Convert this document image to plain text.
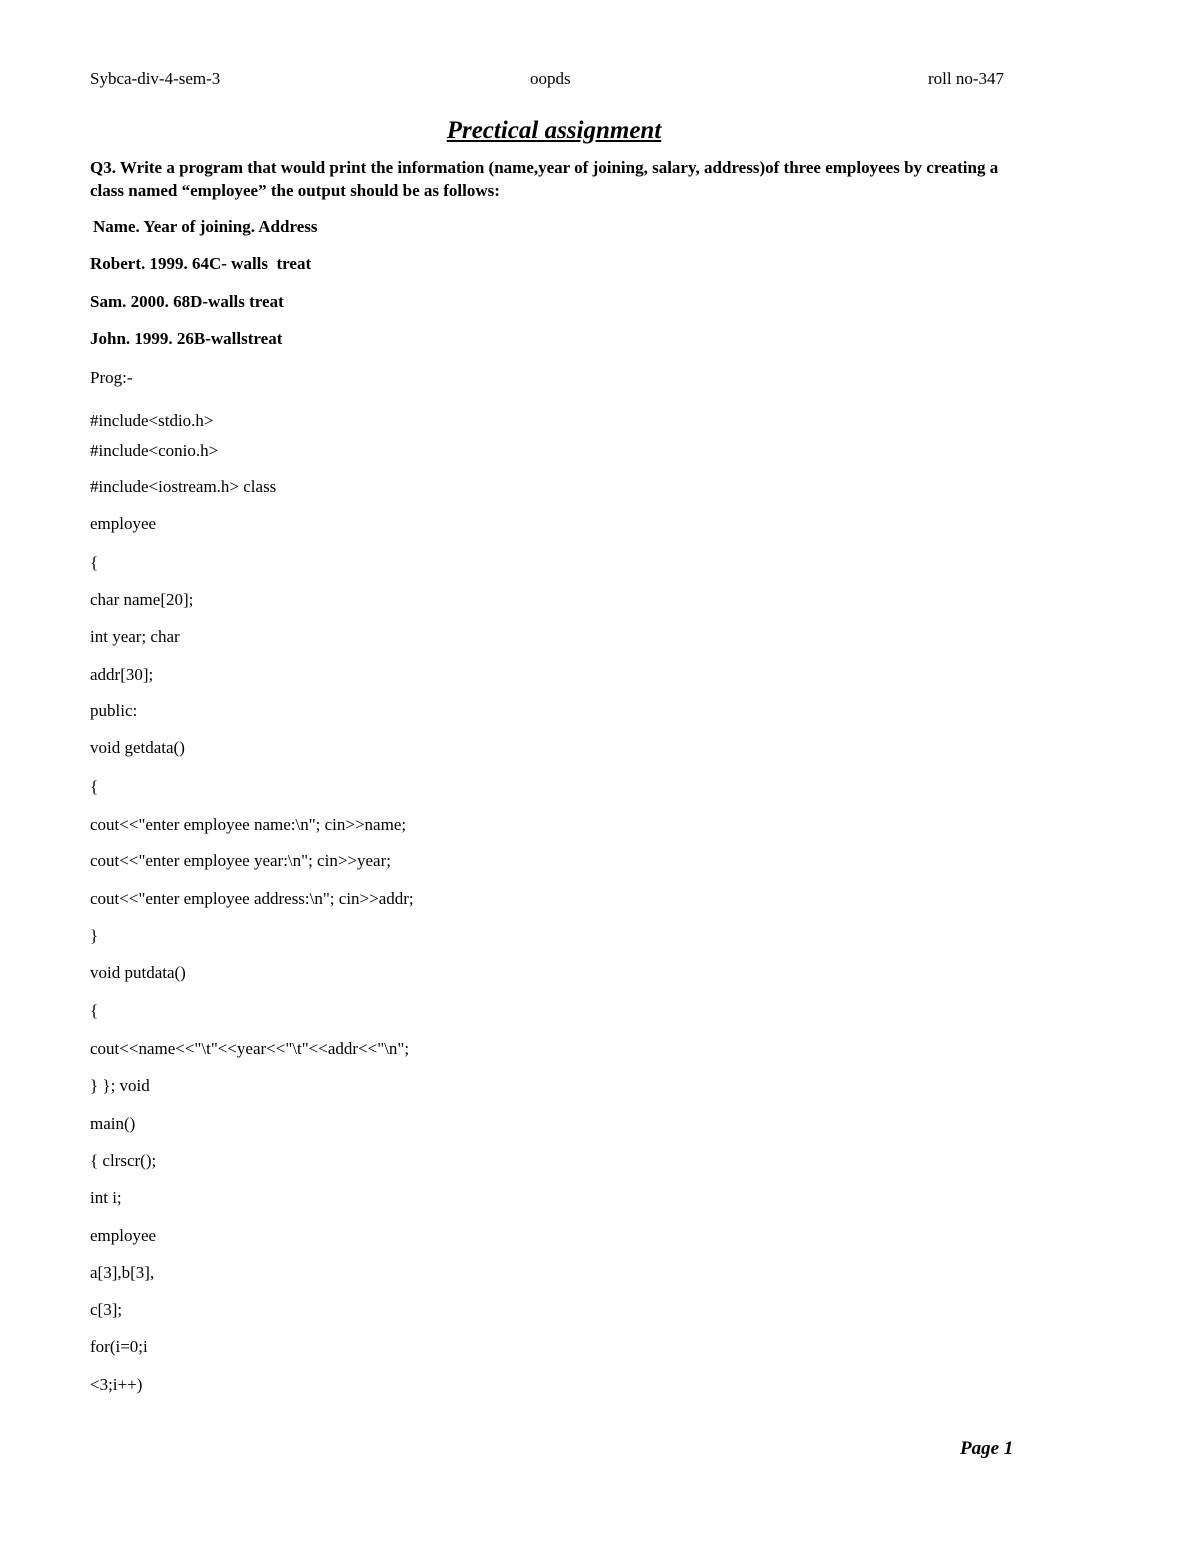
Sybca-div-4-sem-3	oopds	roll no-347
Prectical assignment
Q3. Write a program that would print the information (name,year of joining, salary, address)of three employees by creating a class named “employee” the output should be as follows:
Name. Year of joining. Address
Robert. 1999. 64C- walls  treat
Sam. 2000. 68D-walls treat
John. 1999. 26B-wallstreat
Prog:-
#include<stdio.h>
#include<conio.h>
#include<iostream.h> class
employee
{
char name[20];
int year; char
addr[30];
public:
void getdata()
{
cout<<"enter employee name:\n"; cin>>name;
cout<<"enter employee year:\n"; cin>>year;
cout<<"enter employee address:\n"; cin>>addr;
}
void putdata()
{
cout<<name<<"\t"<<year<<"\t"<<addr<<"\n";
} }; void
main()
{ clrscr();
int i;
employee
a[3],b[3],
c[3];
for(i=0;i
<3;i++)
Page 1
